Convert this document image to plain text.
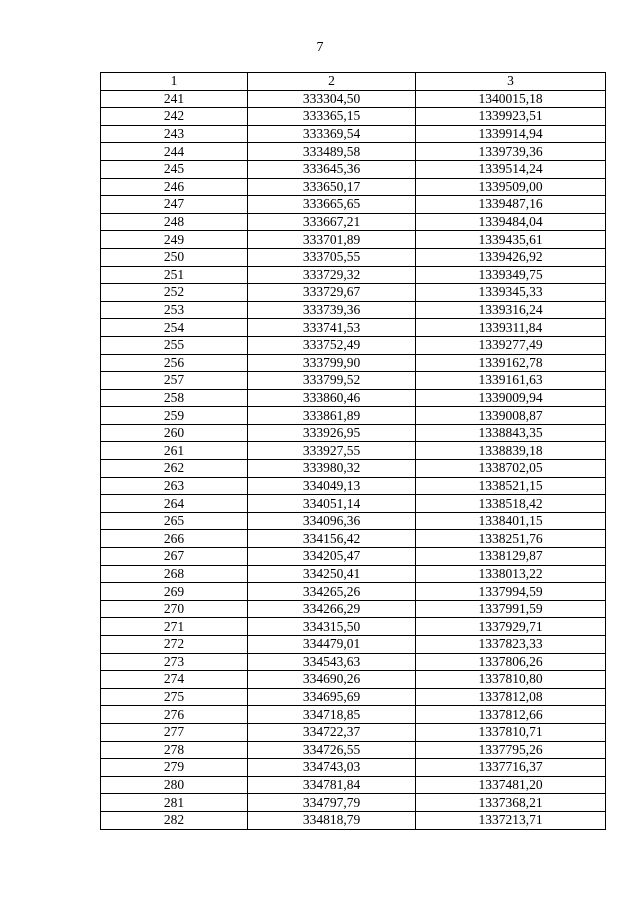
7
1	2	3
241	333304,50	1340015,18
242	333365,15	1339923,51
243	333369,54	1339914,94
244	333489,58	1339739,36
245	333645,36	1339514,24
246	333650,17	1339509,00
247	333665,65	1339487,16
248	333667,21	1339484,04
249	333701,89	1339435,61
250	333705,55	1339426,92
251	333729,32	1339349,75
252	333729,67	1339345,33
253	333739,36	1339316,24
254	333741,53	1339311,84
255	333752,49	1339277,49
256	333799,90	1339162,78
257	333799,52	1339161,63
258	333860,46	1339009,94
259	333861,89	1339008,87
260	333926,95	1338843,35
261	333927,55	1338839,18
262	333980,32	1338702,05
263	334049,13	1338521,15
264	334051,14	1338518,42
265	334096,36	1338401,15
266	334156,42	1338251,76
267	334205,47	1338129,87
268	334250,41	1338013,22
269	334265,26	1337994,59
270	334266,29	1337991,59
271	334315,50	1337929,71
272	334479,01	1337823,33
273	334543,63	1337806,26
274	334690,26	1337810,80
275	334695,69	1337812,08
276	334718,85	1337812,66
277	334722,37	1337810,71
278	334726,55	1337795,26
279	334743,03	1337716,37
280	334781,84	1337481,20
281	334797,79	1337368,21
282	334818,79	1337213,71
